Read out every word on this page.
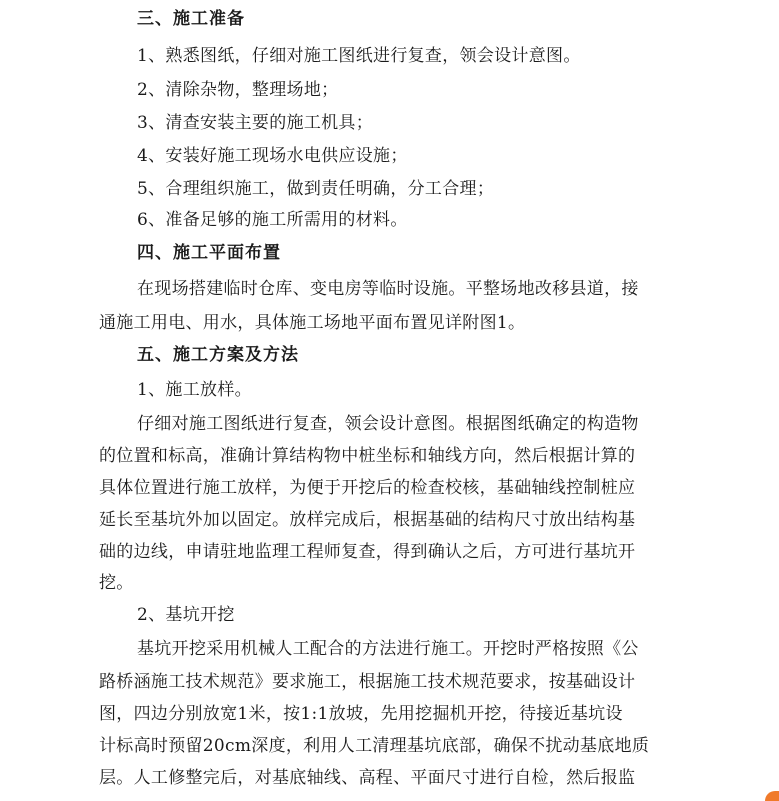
三、施工准备
1、熟悉图纸，仔细对施工图纸进行复查，领会设计意图。
2、清除杂物，整理场地；
3、清查安装主要的施工机具；
4、安装好施工现场水电供应设施；
5、合理组织施工，做到责任明确，分工合理；
6、准备足够的施工所需用的材料。
四、施工平面布置
在现场搭建临时仓库、变电房等临时设施。平整场地改移县道，接
通施工用电、用水，具体施工场地平面布置见详附图1。
五、施工方案及方法
1、施工放样。
仔细对施工图纸进行复查，领会设计意图。根据图纸确定的构造物
的位置和标高，准确计算结构物中桩坐标和轴线方向，然后根据计算的
具体位置进行施工放样，为便于开挖后的检查校核，基础轴线控制桩应
延长至基坑外加以固定。放样完成后，根据基础的结构尺寸放出结构基
础的边线，申请驻地监理工程师复查，得到确认之后，方可进行基坑开
挖。
2、基坑开挖
基坑开挖采用机械人工配合的方法进行施工。开挖时严格按照《公
路桥涵施工技术规范》要求施工，根据施工技术规范要求，按基础设计
图，四边分别放宽1米，按1:1放坡，先用挖掘机开挖，待接近基坑设
计标高时预留20cm深度，利用人工清理基坑底部，确保不扰动基底地质
层。人工修整完后，对基底轴线、高程、平面尺寸进行自检，然后报监
